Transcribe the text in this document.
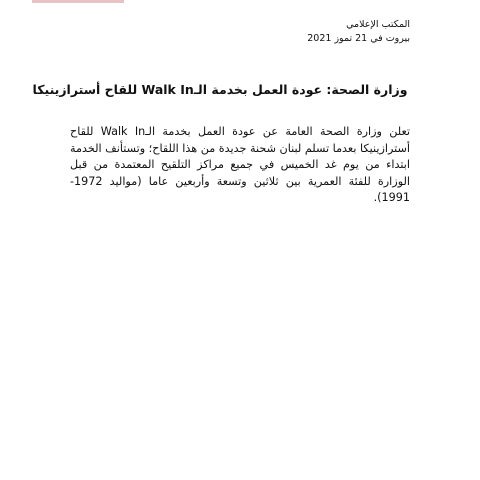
المكتب الإعلامي
بيروت في 21 تموز 2021
وزارة الصحة: عودة العمل بخدمة الـWalk In للقاح أسترازينيكا
تعلن وزارة الصحة العامة عن عودة العمل بخدمة الـWalk In للقاح أسترازينيكا بعدما تسلم لبنان شحنة جديدة من هذا اللقاح؛ وتستأنف الخدمة ابتداء من يوم غد الخميس في جميع مراكز التلقيح المعتمدة من قبل الوزارة للفئة العمرية بين ثلاثين وتسعة وأربعين عاما (مواليد 1972- 1991).
